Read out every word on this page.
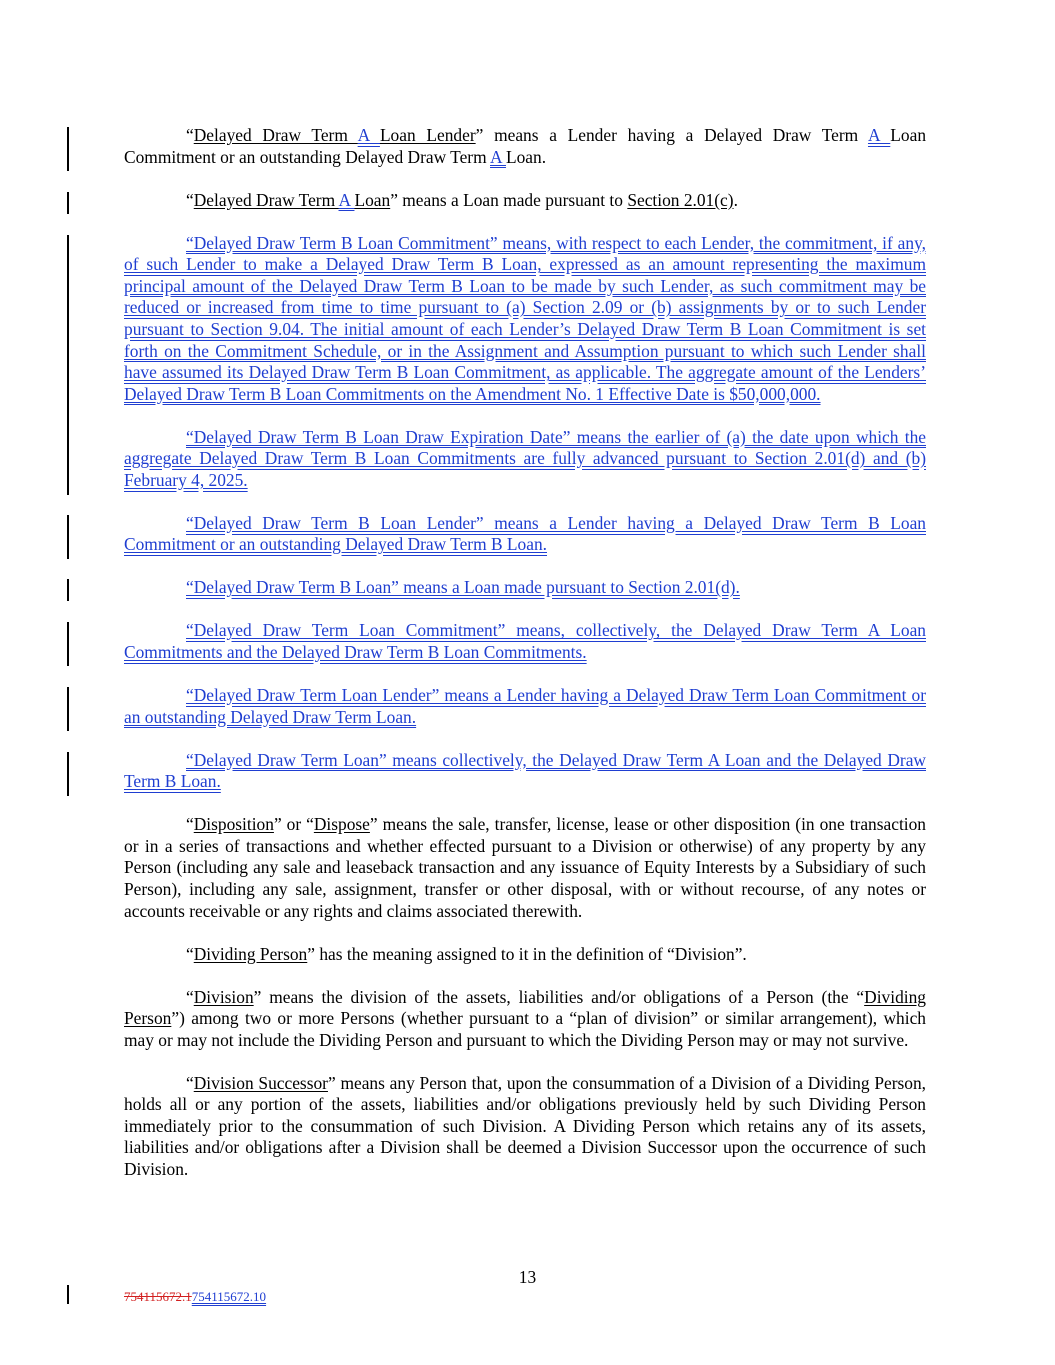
“Delayed Draw Term A Loan Lender” means a Lender having a Delayed Draw Term A Loan Commitment or an outstanding Delayed Draw Term A Loan.

“Delayed Draw Term A Loan” means a Loan made pursuant to Section 2.01(c).

“Delayed Draw Term B Loan Commitment” means, with respect to each Lender, the commitment, if any, of such Lender to make a Delayed Draw Term B Loan, expressed as an amount representing the maximum principal amount of the Delayed Draw Term B Loan to be made by such Lender, as such commitment may be reduced or increased from time to time pursuant to (a) Section 2.09 or (b) assignments by or to such Lender pursuant to Section 9.04. The initial amount of each Lender’s Delayed Draw Term B Loan Commitment is set forth on the Commitment Schedule, or in the Assignment and Assumption pursuant to which such Lender shall have assumed its Delayed Draw Term B Loan Commitment, as applicable. The aggregate amount of the Lenders’ Delayed Draw Term B Loan Commitments on the Amendment No. 1 Effective Date is $50,000,000.

“Delayed Draw Term B Loan Draw Expiration Date” means the earlier of (a) the date upon which the aggregate Delayed Draw Term B Loan Commitments are fully advanced pursuant to Section 2.01(d) and (b) February 4, 2025.

“Delayed Draw Term B Loan Lender” means a Lender having a Delayed Draw Term B Loan Commitment or an outstanding Delayed Draw Term B Loan.

“Delayed Draw Term B Loan” means a Loan made pursuant to Section 2.01(d).

“Delayed Draw Term Loan Commitment” means, collectively, the Delayed Draw Term A Loan Commitments and the Delayed Draw Term B Loan Commitments.

“Delayed Draw Term Loan Lender” means a Lender having a Delayed Draw Term Loan Commitment or an outstanding Delayed Draw Term Loan.

“Delayed Draw Term Loan” means collectively, the Delayed Draw Term A Loan and the Delayed Draw Term B Loan.

“Disposition” or “Dispose” means the sale, transfer, license, lease or other disposition (in one transaction or in a series of transactions and whether effected pursuant to a Division or otherwise) of any property by any Person (including any sale and leaseback transaction and any issuance of Equity Interests by a Subsidiary of such Person), including any sale, assignment, transfer or other disposal, with or without recourse, of any notes or accounts receivable or any rights and claims associated therewith.

“Dividing Person” has the meaning assigned to it in the definition of “Division”.

“Division” means the division of the assets, liabilities and/or obligations of a Person (the “Dividing Person”) among two or more Persons (whether pursuant to a “plan of division” or similar arrangement), which may or may not include the Dividing Person and pursuant to which the Dividing Person may or may not survive.

“Division Successor” means any Person that, upon the consummation of a Division of a Dividing Person, holds all or any portion of the assets, liabilities and/or obligations previously held by such Dividing Person immediately prior to the consummation of such Division. A Dividing Person which retains any of its assets, liabilities and/or obligations after a Division shall be deemed a Division Successor upon the occurrence of such Division.

13
754115672.1754115672.10
